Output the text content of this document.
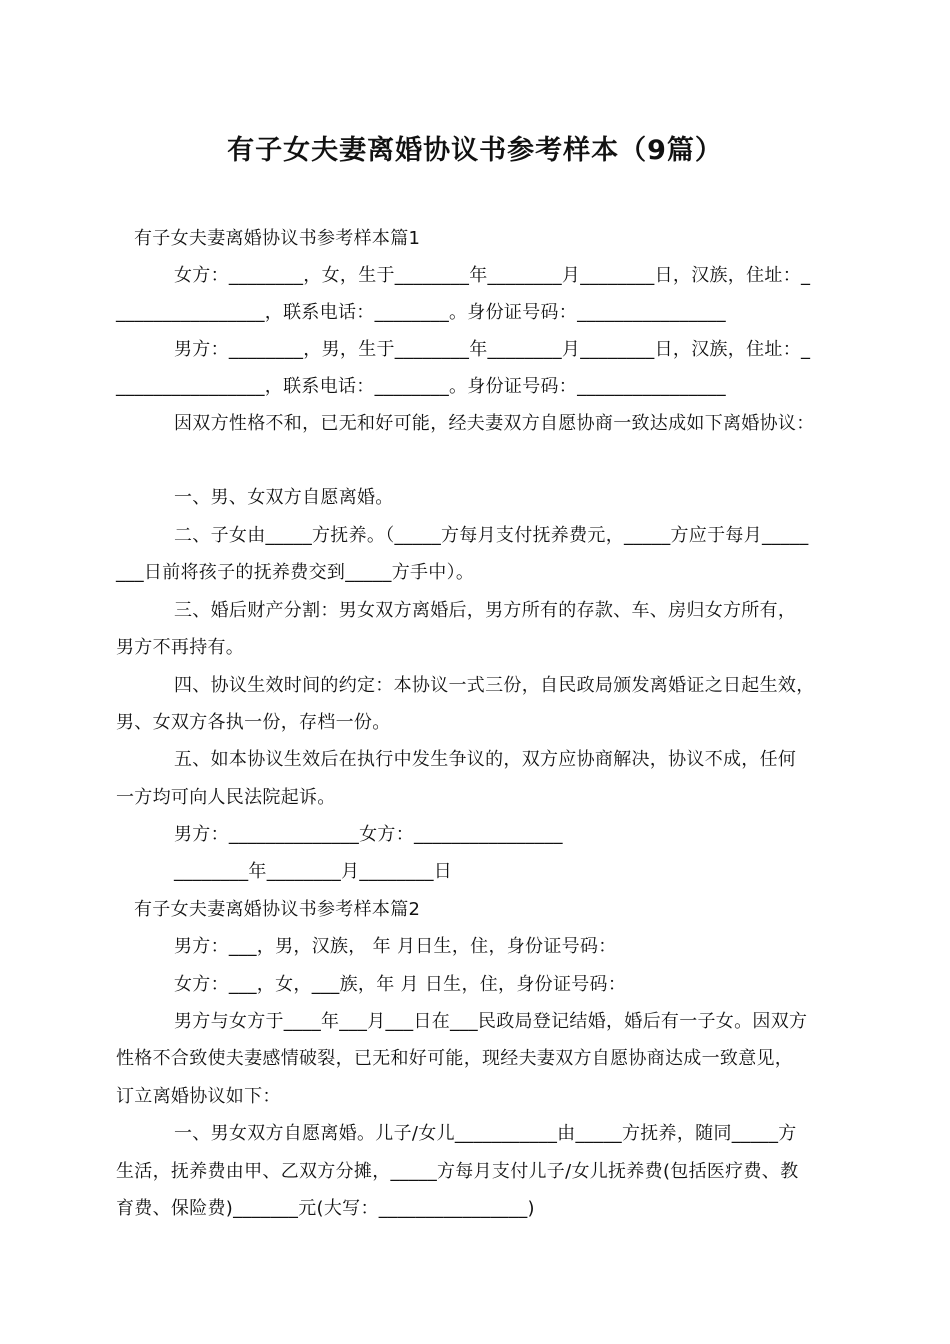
有子女夫妻离婚协议书参考样本（9篇）
有子女夫妻离婚协议书参考样本篇1
女方：________，女，生于________年________月________日，汉族，住址：_
________________，联系电话：________。身份证号码：________________
男方：________，男，生于________年________月________日，汉族，住址：_
________________，联系电话：________。身份证号码：________________
因双方性格不和，已无和好可能，经夫妻双方自愿协商一致达成如下离婚协议：
一、男、女双方自愿离婚。
二、子女由_____方抚养。（_____方每月支付抚养费元，_____方应于每月_____
___日前将孩子的抚养费交到_____方手中）。
三、婚后财产分割：男女双方离婚后，男方所有的存款、车、房归女方所有，
男方不再持有。
四、协议生效时间的约定：本协议一式三份，自民政局颁发离婚证之日起生效，
男、女双方各执一份，存档一份。
五、如本协议生效后在执行中发生争议的，双方应协商解决，协议不成，任何
一方均可向人民法院起诉。
男方：______________女方：________________
________年________月________日
有子女夫妻离婚协议书参考样本篇2
男方：___，男，汉族， 年 月日生，住，身份证号码：
女方：___，女，___族，年 月 日生，住，身份证号码：
男方与女方于____年___月___日在___民政局登记结婚，婚后有一子女。因双方
性格不合致使夫妻感情破裂，已无和好可能，现经夫妻双方自愿协商达成一致意见，
订立离婚协议如下：
一、男女双方自愿离婚。儿子/女儿___________由_____方抚养，随同_____方
生活，抚养费由甲、乙双方分摊，_____方每月支付儿子/女儿抚养费(包括医疗费、教
育费、保险费)_______元(大写：________________)
